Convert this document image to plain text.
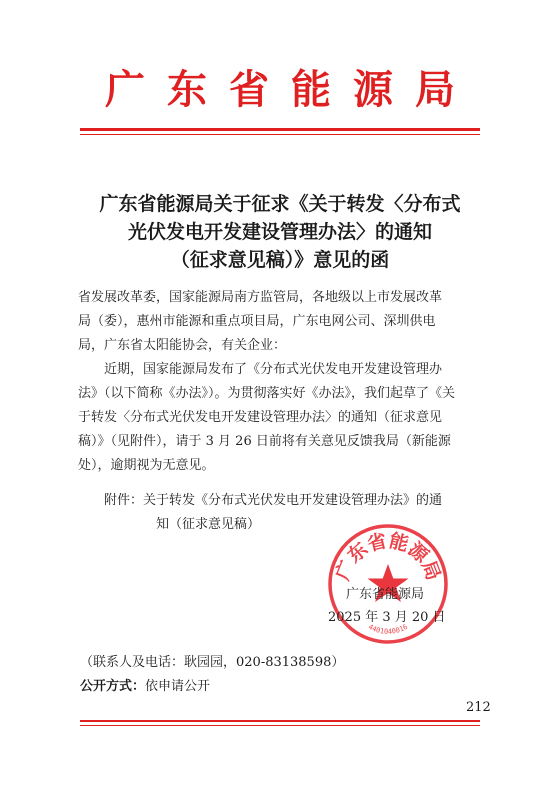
广东省能源局
广东省能源局关于征求《关于转发〈分布式
光伏发电开发建设管理办法〉的通知
（征求意见稿）》意见的函
省发展改革委，国家能源局南方监管局，各地级以上市发展改革
局（委），惠州市能源和重点项目局，广东电网公司、深圳供电
局，广东省太阳能协会，有关企业：
近期，国家能源局发布了《分布式光伏发电开发建设管理办
法》（以下简称《办法》）。为贯彻落实好《办法》，我们起草了《关
于转发〈分布式光伏发电开发建设管理办法〉的通知（征求意见
稿）》（见附件），请于 3 月 26 日前将有关意见反馈我局（新能源
处），逾期视为无意见。
附件：关于转发《分布式光伏发电开发建设管理办法》的通
知（征求意见稿）
广东省能源局
4401040016
广东省能源局
2025 年 3 月 20 日
（联系人及电话：耿园园，020-83138598）
公开方式：依申请公开
212
